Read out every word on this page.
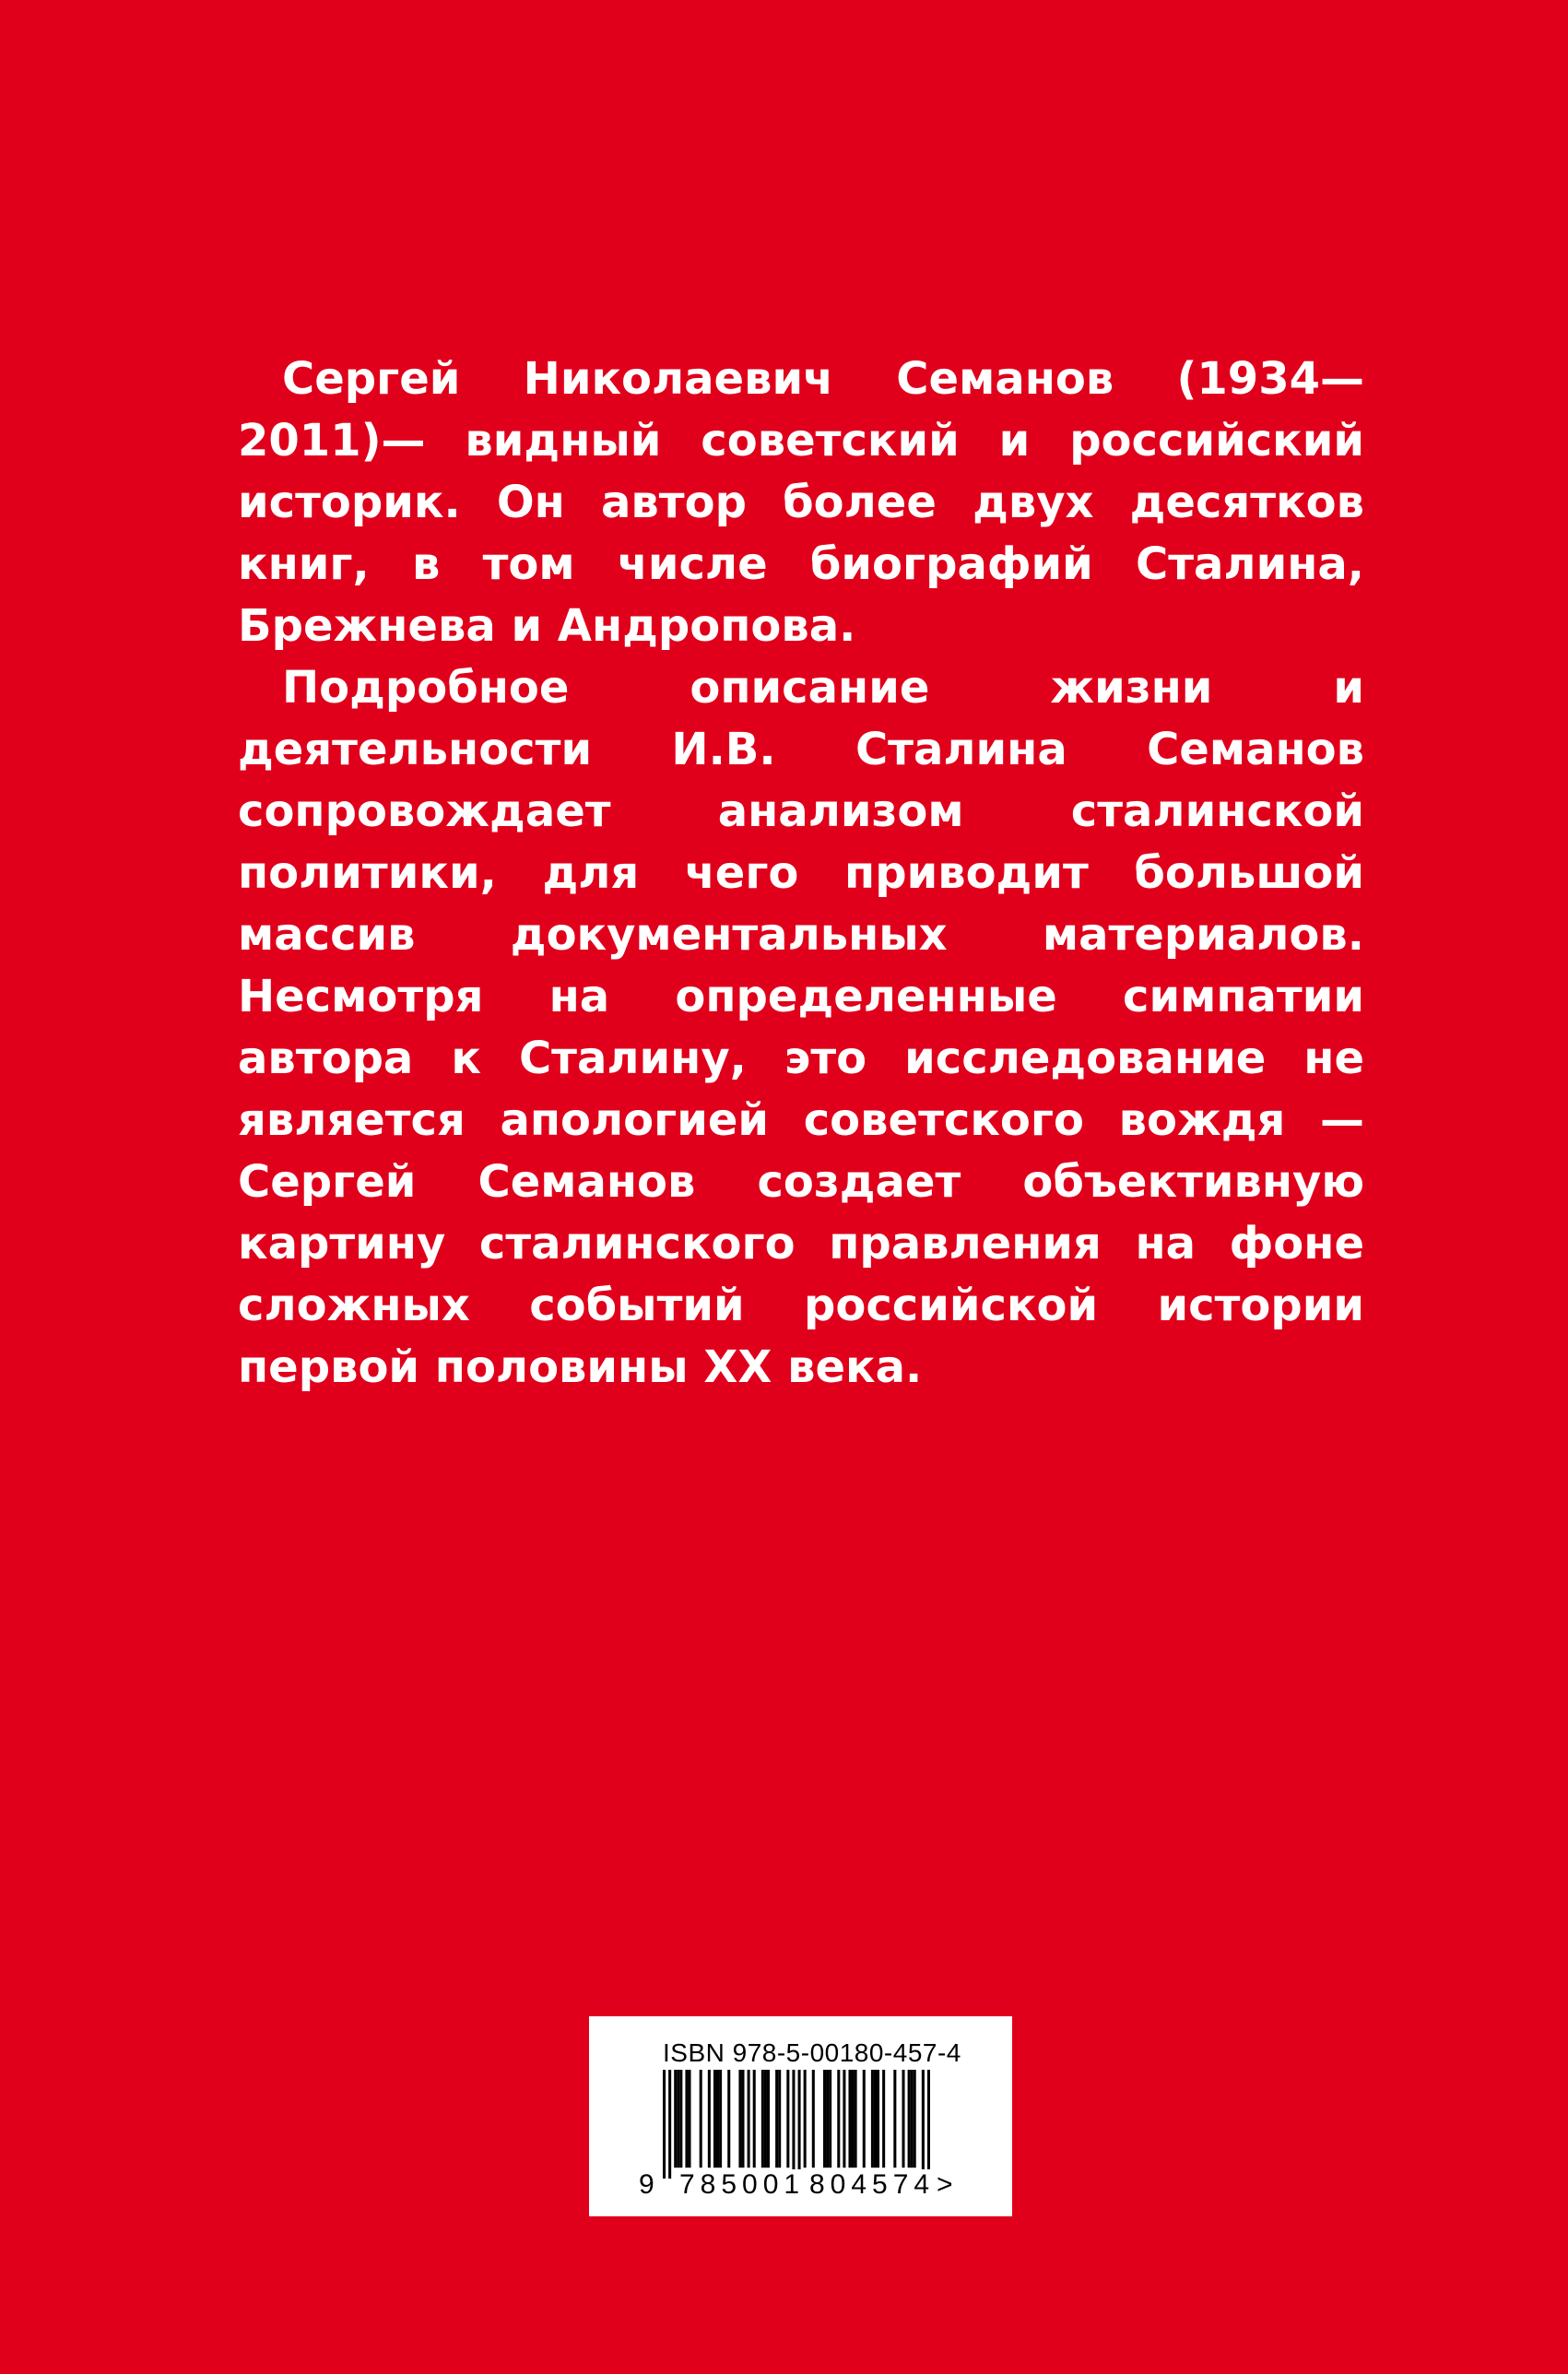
Сергей Николаевич Семанов (1934—2011)— видный советский и российский историк. Он автор более двух десятков книг, в том числе биографий Сталина, Брежнева и Андропова.

Подробное описание жизни и деятельности И.В. Сталина Семанов сопровождает анализом сталинской политики, для чего приводит большой массив документальных материалов. Несмотря на определенные симпатии автора к Сталину, это исследование не является апологией советского вождя — Сергей Семанов создает объективную картину сталинского правления на фоне сложных событий российской истории первой половины XX века.

ISBN 978-5-00180-457-4
9 785001 804574 >
